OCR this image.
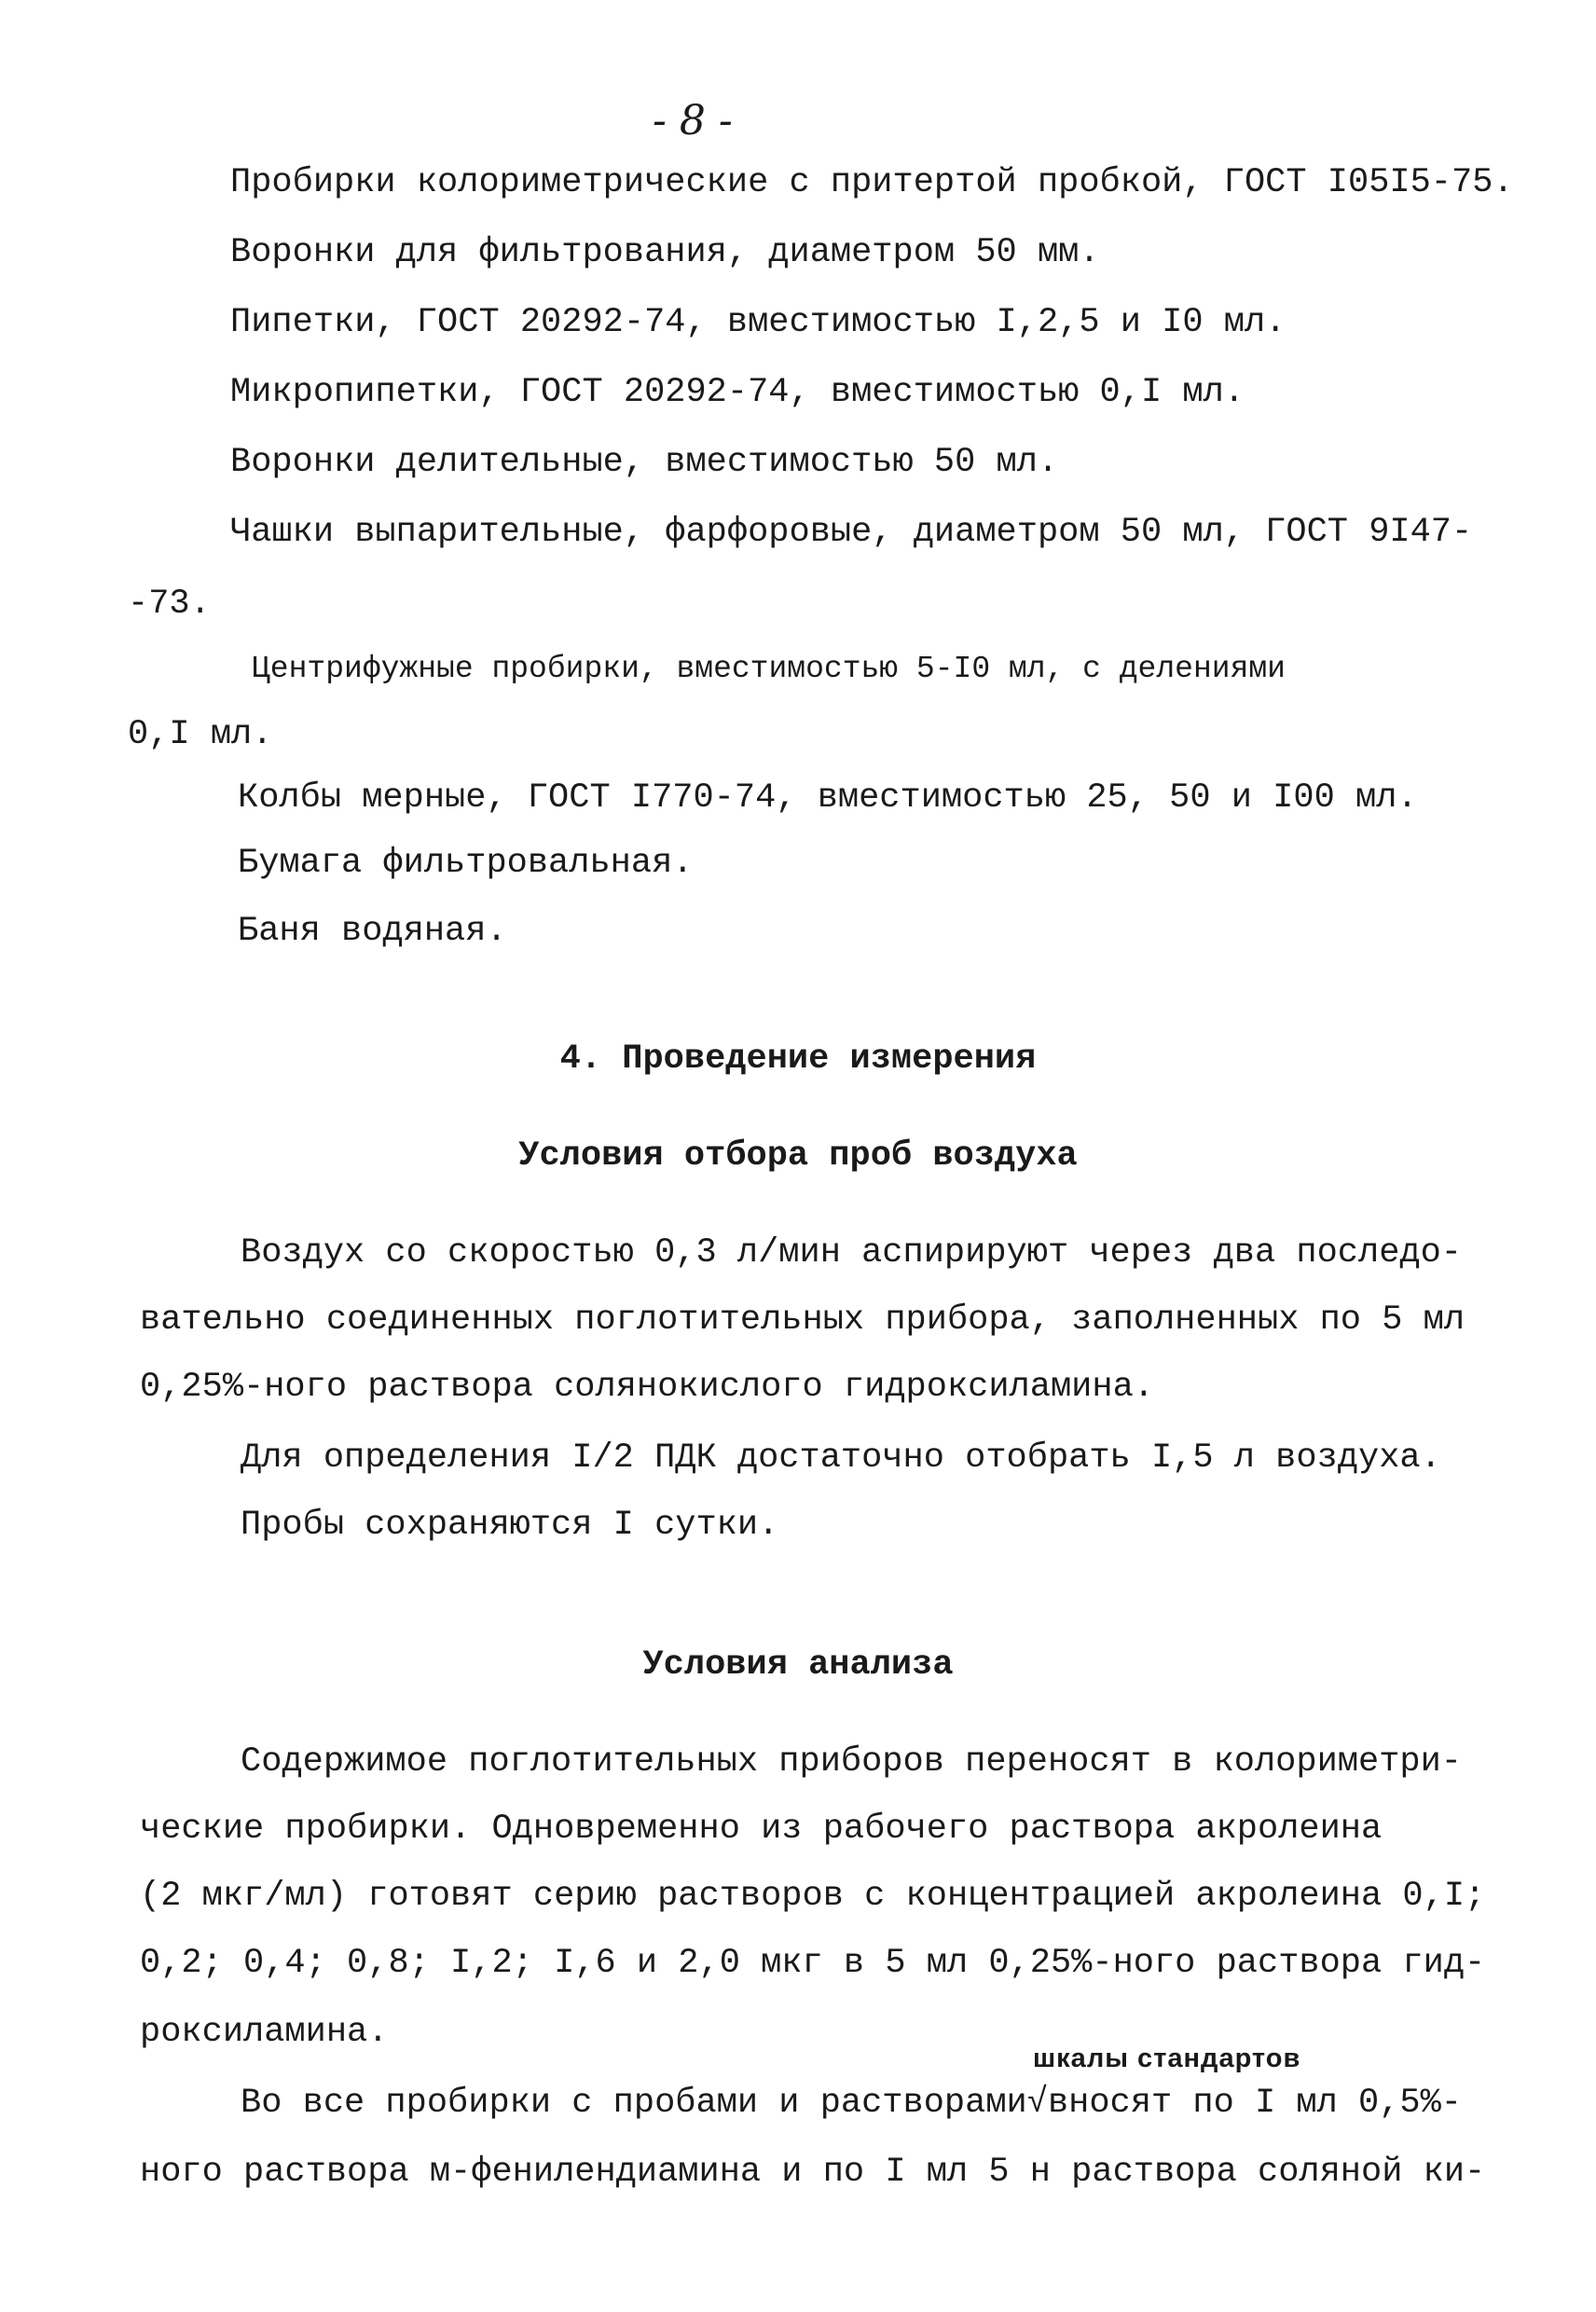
- 8 -
Пробирки колориметрические с притертой пробкой, ГОСТ I05I5-75.
Воронки для фильтрования, диаметром 50 мм.
Пипетки, ГОСТ 20292-74, вместимостью I,2,5 и I0 мл.
Микропипетки, ГОСТ 20292-74, вместимостью 0,I мл.
Воронки делительные, вместимостью 50 мл.
Чашки выпарительные, фарфоровые, диаметром 50 мл, ГОСТ 9I47-
-73.
Центрифужные пробирки, вместимостью 5-I0 мл, с делениями
0,I мл.
Колбы мерные, ГОСТ I770-74, вместимостью 25, 50 и I00 мл.
Бумага фильтровальная.
Баня водяная.
4. Проведение измерения
Условия отбора проб воздуха
Воздух со скоростью 0,3 л/мин аспирируют через два последо-
вательно соединенных поглотительных прибора, заполненных по 5 мл
0,25%-ного раствора солянокислого гидроксиламина.
Для определения I/2 ПДК достаточно отобрать I,5 л воздуха.
Пробы сохраняются I сутки.
Условия анализа
Содержимое поглотительных приборов переносят в колориметри-
ческие пробирки. Одновременно из рабочего раствора акролеина
(2 мкг/мл) готовят серию растворов с концентрацией акролеина 0,I;
0,2; 0,4; 0,8; I,2; I,6 и 2,0 мкг в 5 мл 0,25%-ного раствора гид-
роксиламина.
шкалы стандартов
Во все пробирки с пробами и растворами√вносят по I мл 0,5%-
ного раствора м-фенилендиамина и по I мл 5 н раствора соляной ки-
